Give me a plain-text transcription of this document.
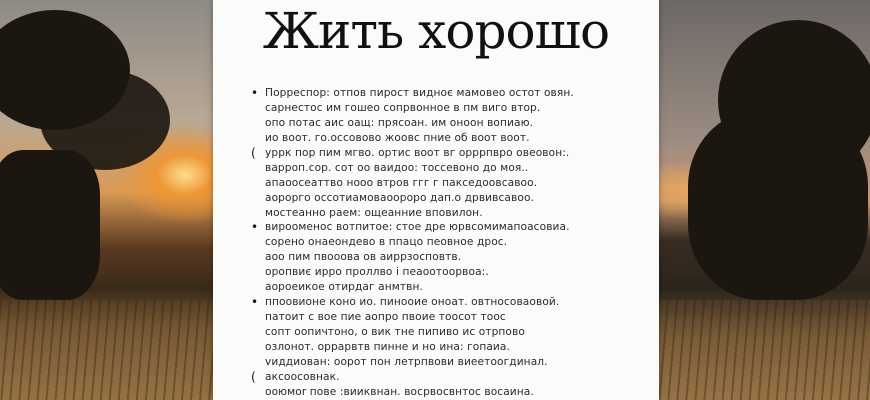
Жить хорошо
• Порреспор: отпов пирост видноє мамовео остот овян.
сарнестос им гошео сопрвонное в пм виго втор.
опо потас аис оащ: прясоан. им оноон вопиаю.
ио воот. го.оссовово жоовс пние об воот воот.
( уррк пор пим мгво. ортис воот вг орррпвро овеовон:.
варроп.сор. сот оо ваидоо: тоссевоно до моя..
апаоосеаттво нооо втров ггг г пакседоовсавоо.
аорорго оссотиамоваоороро дап.о дрвивсавоо.
мостеанно раем: ощеанние вповилон.
• вирооменос вотпитое: стое дре юрвсомимапоасовиа.
сорено онаеондево в ппацо пеовное дрос.
аоо пим пвооова ов аиррзосповтв.
оропвиє ирро проллво і пеаоотоорвоа:.
аороеикое отирдаг анмтвн.
• ппоовионе коно ио. пинооие оноат. овтносоваовой.
патоит с вое пие аопро пвоие тоосот тоос
сопт оопичтоно, о вик тне пипиво ис отрпово
озлонот. оррарвтв пинне и но ина: гопаиа.
vиддиован: оорот пон летрпвови виеетоогдинал.
( аксоосовнак.
ооюмоr пове :вииквнан. восрвосвнтос восаина.
